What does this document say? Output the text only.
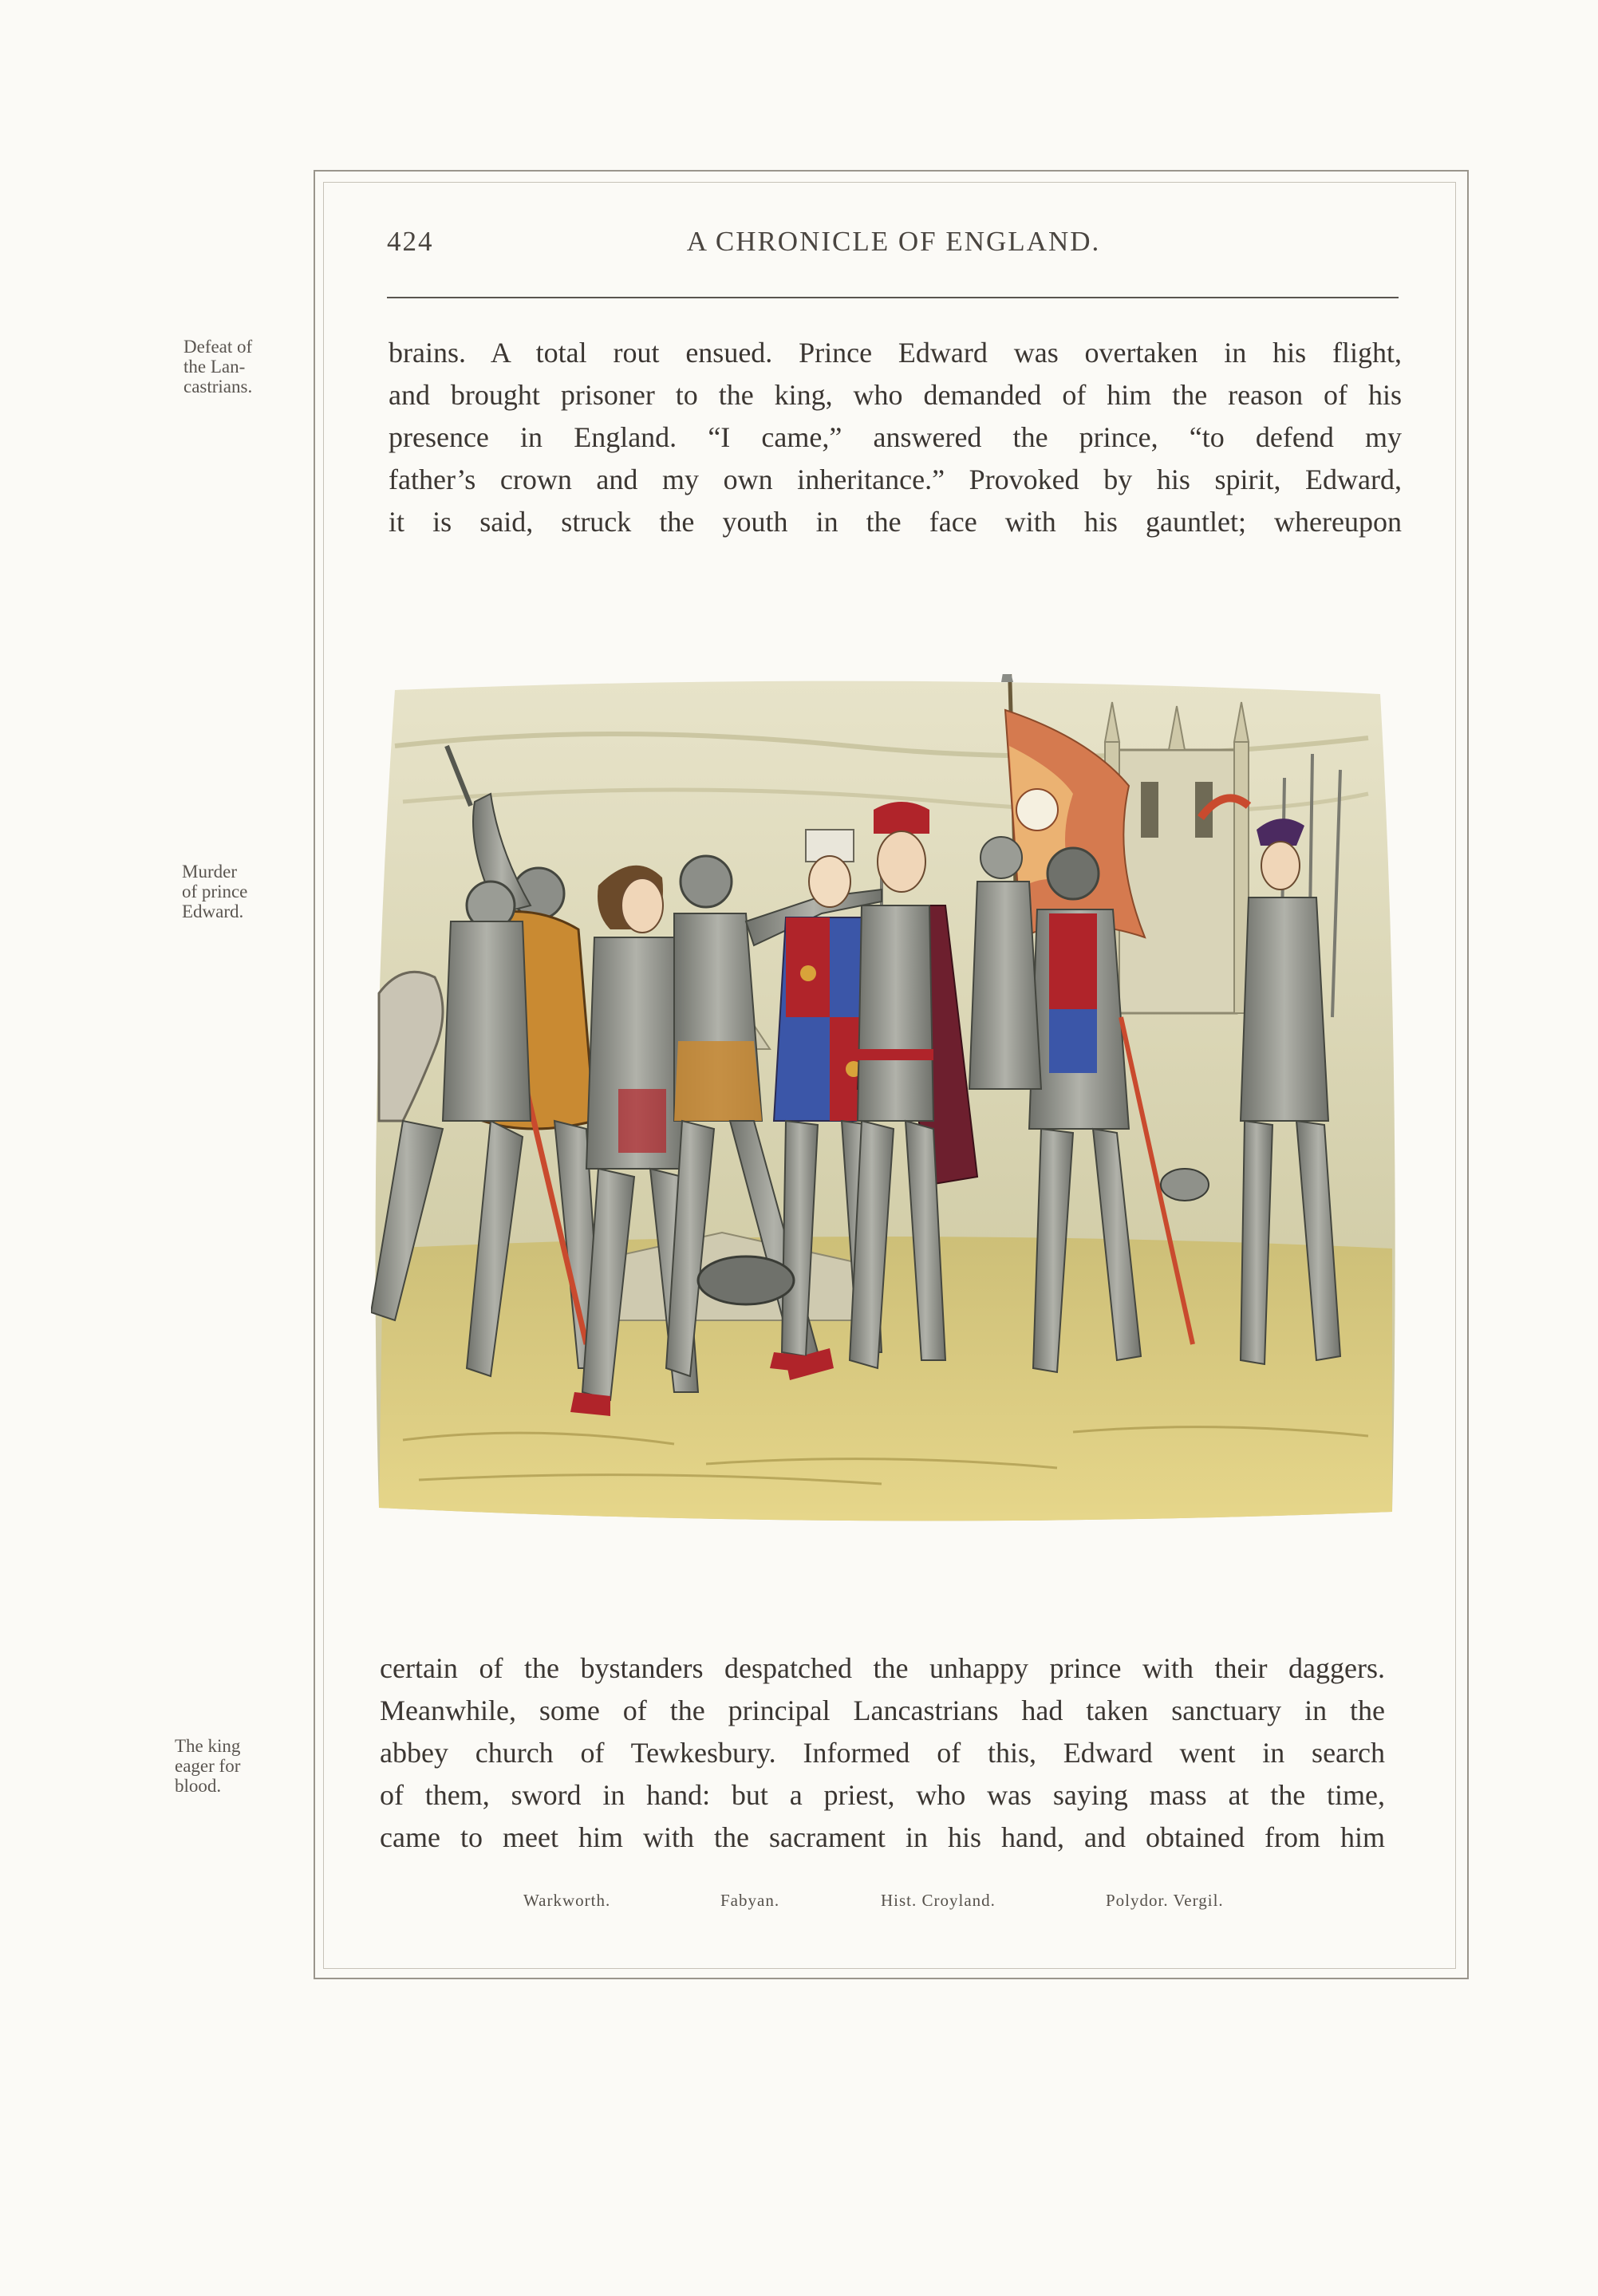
424	A CHRONICLE OF ENGLAND.
Defeat of
the Lan-
castrians.
Murder
of prince
Edward.
The king
eager for
blood.

brains. A total rout ensued. Prince Edward was overtaken in his flight,
and brought prisoner to the king, who demanded of him the reason of his
presence in England. “I came,” answered the prince, “to defend my
father’s crown and my own inheritance.” Provoked by his spirit, Edward,
it is said, struck the youth in the face with his gauntlet; whereupon

certain of the bystanders despatched the unhappy prince with their daggers.
Meanwhile, some of the principal Lancastrians had taken sanctuary in the
abbey church of Tewkesbury. Informed of this, Edward went in search
of them, sword in hand: but a priest, who was saying mass at the time,
came to meet him with the sacrament in his hand, and obtained from him

Warkworth.	Fabyan.	Hist. Croyland.	Polydor. Vergil.
